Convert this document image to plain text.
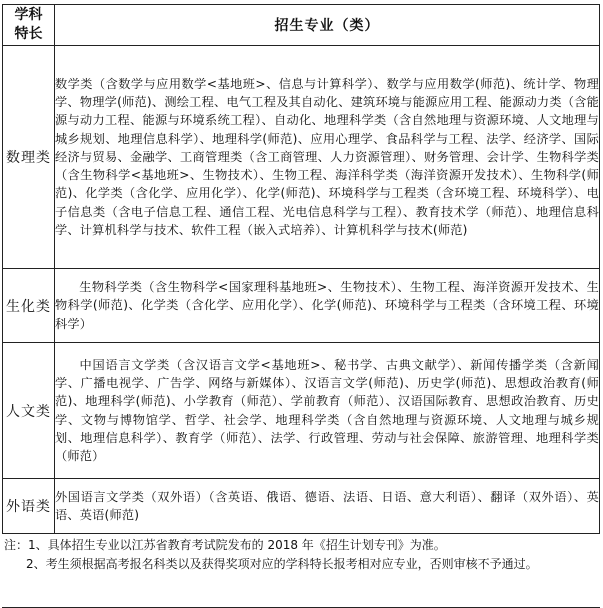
学科
特长	招生专业（类）
数理类	数学类（含数学与应用数学<基地班>、信息与计算科学）、数学与应用数学(师范)、统计学、物理学、物理学(师范)、测绘工程、电气工程及其自动化、建筑环境与能源应用工程、能源动力类（含能源与动力工程、能源与环境系统工程）、自动化、地理科学类（含自然地理与资源环境、人文地理与城乡规划、地理信息科学）、地理科学(师范)、应用心理学、食品科学与工程、法学、经济学、国际经济与贸易、金融学、工商管理类（含工商管理、人力资源管理）、财务管理、会计学、生物科学类（含生物科学<基地班>、生物技术）、生物工程、海洋科学类（海洋资源开发技术）、生物科学(师范)、化学类（含化学、应用化学）、化学(师范)、环境科学与工程类（含环境工程、环境科学）、电子信息类（含电子信息工程、通信工程、光电信息科学与工程）、教育技术学（师范）、地理信息科学、计算机科学与技术、软件工程（嵌入式培养）、计算机科学与技术(师范)
生化类	生物科学类（含生物科学<国家理科基地班>、生物技术）、生物工程、海洋资源开发技术、生物科学(师范)、化学类（含化学、应用化学）、化学(师范)、环境科学与工程类（含环境工程、环境科学）
人文类	中国语言文学类（含汉语言文学<基地班>、秘书学、古典文献学）、新闻传播学类（含新闻学、广播电视学、广告学、网络与新媒体）、汉语言文学(师范)、历史学(师范)、思想政治教育(师范)、地理科学(师范)、小学教育（师范）、学前教育（师范）、汉语国际教育、思想政治教育、历史学、文物与博物馆学、哲学、社会学、地理科学类（含自然地理与资源环境、人文地理与城乡规划、地理信息科学）、教育学（师范）、法学、行政管理、劳动与社会保障、旅游管理、地理科学类（师范）
外语类	外国语言文学类（双外语）（含英语、俄语、德语、法语、日语、意大利语）、翻译（双外语）、英语、英语(师范)

注：1、具体招生专业以江苏省教育考试院发布的 2018 年《招生计划专刊》为准。

2、考生须根据高考报名科类以及获得奖项对应的学科特长报考相对应专业，否则审核不予通过。
